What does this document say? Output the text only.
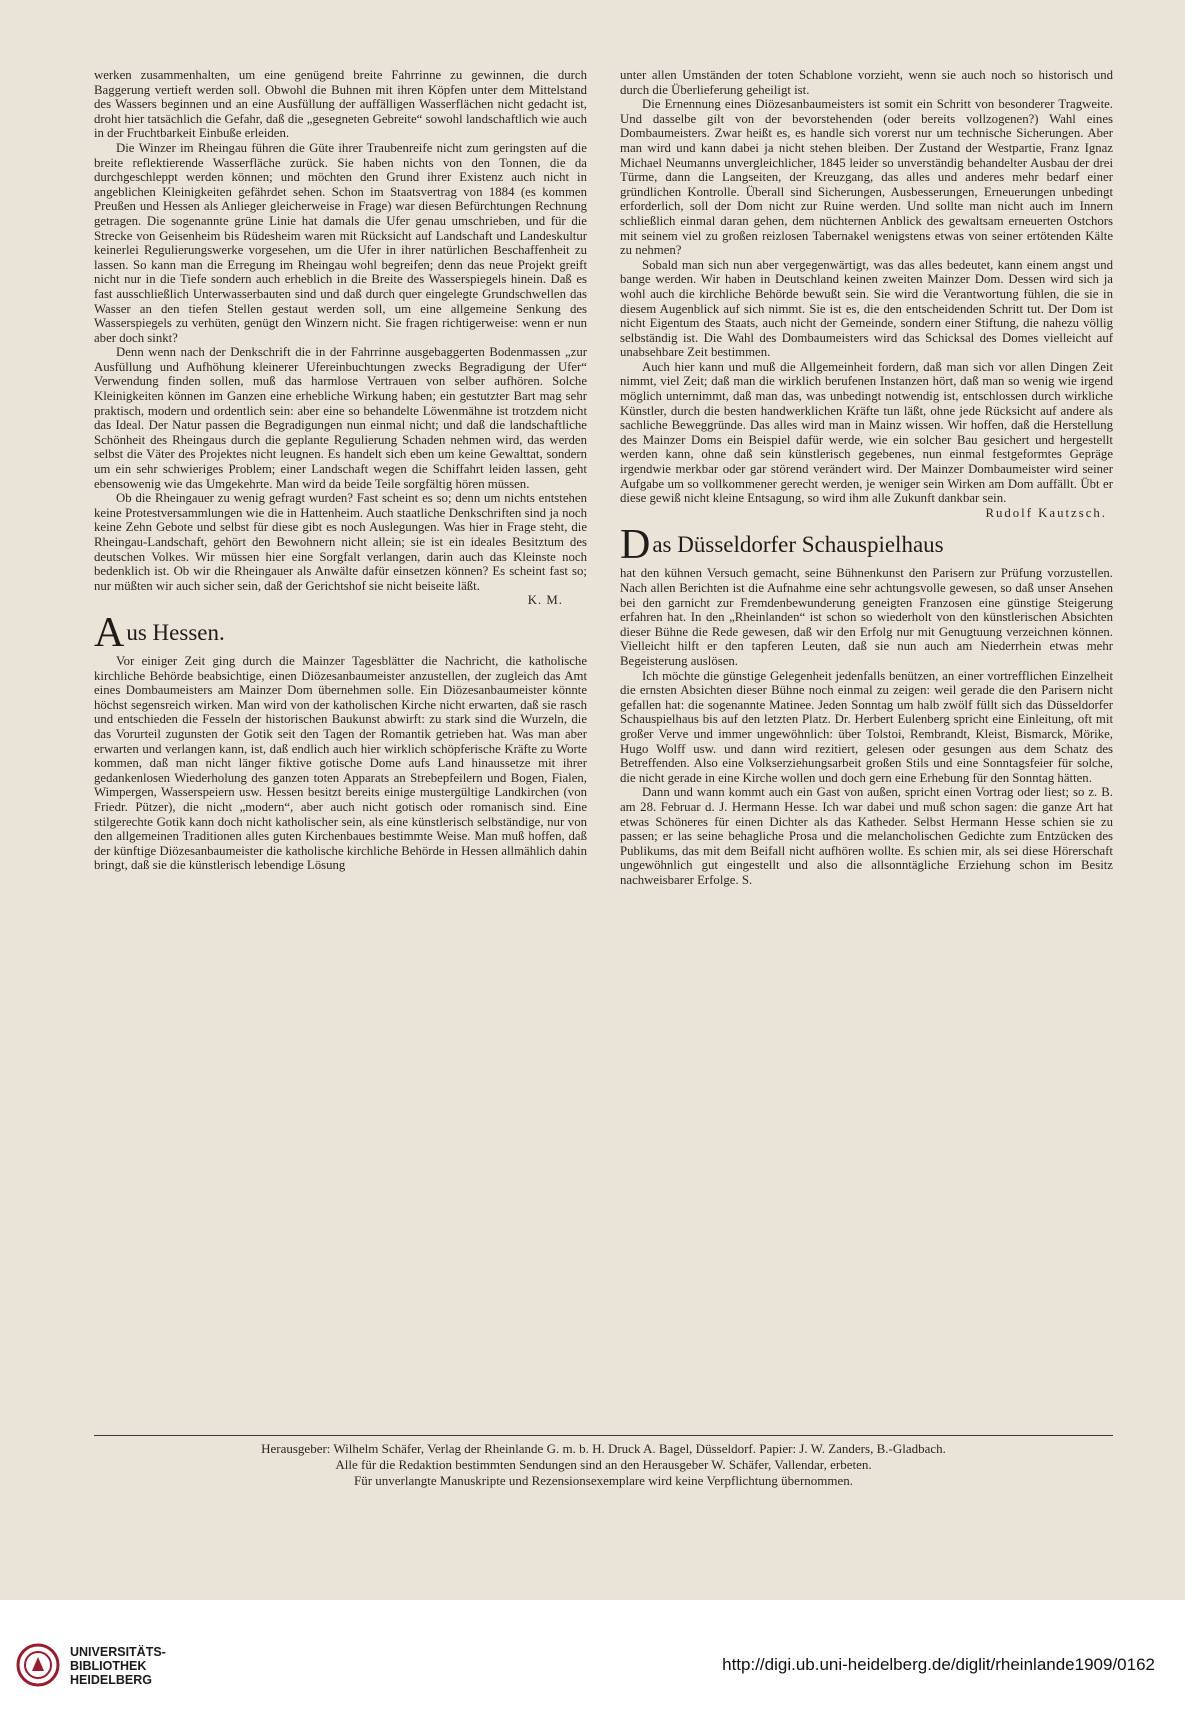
werken zusammenhalten, um eine genügend breite Fahrrinne zu gewinnen, die durch Baggerung vertieft werden soll. Obwohl die Buhnen mit ihren Köpfen unter dem Mittelstand des Wassers beginnen und an eine Ausfüllung der auffälligen Wasserflächen nicht gedacht ist, droht hier tatsächlich die Gefahr, daß die „gesegneten Gebreite“ sowohl landschaftlich wie auch in der Fruchtbarkeit Einbuße erleiden.

Die Winzer im Rheingau führen die Güte ihrer Traubenreife nicht zum geringsten auf die breite reflektierende Wasserfläche zurück. Sie haben nichts von den Tonnen, die da durchgeschleppt werden können; und möchten den Grund ihrer Existenz auch nicht in angeblichen Kleinigkeiten gefährdet sehen. Schon im Staatsvertrag von 1884 (es kommen Preußen und Hessen als Anlieger gleicherweise in Frage) war diesen Befürchtungen Rechnung getragen. Die sogenannte grüne Linie hat damals die Ufer genau umschrieben, und für die Strecke von Geisenheim bis Rüdesheim waren mit Rücksicht auf Landschaft und Landeskultur keinerlei Regulierungswerke vorgesehen, um die Ufer in ihrer natürlichen Beschaffenheit zu lassen. So kann man die Erregung im Rheingau wohl begreifen; denn das neue Projekt greift nicht nur in die Tiefe sondern auch erheblich in die Breite des Wasserspiegels hinein. Daß es fast ausschließlich Unterwasserbauten sind und daß durch quer eingelegte Grundschwellen das Wasser an den tiefen Stellen gestaut werden soll, um eine allgemeine Senkung des Wasserspiegels zu verhüten, genügt den Winzern nicht. Sie fragen richtigerweise: wenn er nun aber doch sinkt?

Denn wenn nach der Denkschrift die in der Fahrrinne ausgebaggerten Bodenmassen „zur Ausfüllung und Aufhöhung kleinerer Ufereinbuchtungen zwecks Begradigung der Ufer“ Verwendung finden sollen, muß das harmlose Vertrauen von selber aufhören. Solche Kleinigkeiten können im Ganzen eine erhebliche Wirkung haben; ein gestutzter Bart mag sehr praktisch, modern und ordentlich sein: aber eine so behandelte Löwenmähne ist trotzdem nicht das Ideal. Der Natur passen die Begradigungen nun einmal nicht; und daß die landschaftliche Schönheit des Rheingaus durch die geplante Regulierung Schaden nehmen wird, das werden selbst die Väter des Projektes nicht leugnen. Es handelt sich eben um keine Gewalttat, sondern um ein sehr schwieriges Problem; einer Landschaft wegen die Schiffahrt leiden lassen, geht ebensowenig wie das Umgekehrte. Man wird da beide Teile sorgfältig hören müssen.

Ob die Rheingauer zu wenig gefragt wurden? Fast scheint es so; denn um nichts entstehen keine Protestversammlungen wie die in Hattenheim. Auch staatliche Denkschriften sind ja noch keine Zehn Gebote und selbst für diese gibt es noch Auslegungen. Was hier in Frage steht, die Rheingau-Landschaft, gehört den Bewohnern nicht allein; sie ist ein ideales Besitztum des deutschen Volkes. Wir müssen hier eine Sorgfalt verlangen, darin auch das Kleinste noch bedenklich ist. Ob wir die Rheingauer als Anwälte dafür einsetzen können? Es scheint fast so; nur müßten wir auch sicher sein, daß der Gerichtshof sie nicht beiseite läßt.

K. M.

Aus Hessen.

Vor einiger Zeit ging durch die Mainzer Tagesblätter die Nachricht, die katholische kirchliche Behörde beabsichtige, einen Diözesanbaumeister anzustellen, der zugleich das Amt eines Dombaumeisters am Mainzer Dom übernehmen solle. Ein Diözesanbaumeister könnte höchst segensreich wirken. Man wird von der katholischen Kirche nicht erwarten, daß sie rasch und entschieden die Fesseln der historischen Baukunst abwirft: zu stark sind die Wurzeln, die das Vorurteil zugunsten der Gotik seit den Tagen der Romantik getrieben hat. Was man aber erwarten und verlangen kann, ist, daß endlich auch hier wirklich schöpferische Kräfte zu Worte kommen, daß man nicht länger fiktive gotische Dome aufs Land hinaussetze mit ihrer gedankenlosen Wiederholung des ganzen toten Apparats an Strebepfeilern und Bogen, Fialen, Wimpergen, Wasserspeiern usw. Hessen besitzt bereits einige mustergültige Landkirchen (von Friedr. Pützer), die nicht „modern“, aber auch nicht gotisch oder romanisch sind. Eine stilgerechte Gotik kann doch nicht katholischer sein, als eine künstlerisch selbständige, nur von den allgemeinen Traditionen alles guten Kirchenbaues bestimmte Weise. Man muß hoffen, daß der künftige Diözesanbaumeister die katholische kirchliche Behörde in Hessen allmählich dahin bringt, daß sie die künstlerisch lebendige Lösung

unter allen Umständen der toten Schablone vorzieht, wenn sie auch noch so historisch und durch die Überlieferung geheiligt ist.

Die Ernennung eines Diözesanbaumeisters ist somit ein Schritt von besonderer Tragweite. Und dasselbe gilt von der bevorstehenden (oder bereits vollzogenen?) Wahl eines Dombaumeisters. Zwar heißt es, es handle sich vorerst nur um technische Sicherungen. Aber man wird und kann dabei ja nicht stehen bleiben. Der Zustand der Westpartie, Franz Ignaz Michael Neumanns unvergleichlicher, 1845 leider so unverständig behandelter Ausbau der drei Türme, dann die Langseiten, der Kreuzgang, das alles und anderes mehr bedarf einer gründlichen Kontrolle. Überall sind Sicherungen, Ausbesserungen, Erneuerungen unbedingt erforderlich, soll der Dom nicht zur Ruine werden. Und sollte man nicht auch im Innern schließlich einmal daran gehen, dem nüchternen Anblick des gewaltsam erneuerten Ostchors mit seinem viel zu großen reizlosen Tabernakel wenigstens etwas von seiner ertötenden Kälte zu nehmen?

Sobald man sich nun aber vergegenwärtigt, was das alles bedeutet, kann einem angst und bange werden. Wir haben in Deutschland keinen zweiten Mainzer Dom. Dessen wird sich ja wohl auch die kirchliche Behörde bewußt sein. Sie wird die Verantwortung fühlen, die sie in diesem Augenblick auf sich nimmt. Sie ist es, die den entscheidenden Schritt tut. Der Dom ist nicht Eigentum des Staats, auch nicht der Gemeinde, sondern einer Stiftung, die nahezu völlig selbständig ist. Die Wahl des Dombaumeisters wird das Schicksal des Domes vielleicht auf unabsehbare Zeit bestimmen.

Auch hier kann und muß die Allgemeinheit fordern, daß man sich vor allen Dingen Zeit nimmt, viel Zeit; daß man die wirklich berufenen Instanzen hört, daß man so wenig wie irgend möglich unternimmt, daß man das, was unbedingt notwendig ist, entschlossen durch wirkliche Künstler, durch die besten handwerklichen Kräfte tun läßt, ohne jede Rücksicht auf andere als sachliche Beweggründe. Das alles wird man in Mainz wissen. Wir hoffen, daß die Herstellung des Mainzer Doms ein Beispiel dafür werde, wie ein solcher Bau gesichert und hergestellt werden kann, ohne daß sein künstlerisch gegebenes, nun einmal festgeformtes Gepräge irgendwie merkbar oder gar störend verändert wird. Der Mainzer Dombaumeister wird seiner Aufgabe um so vollkommener gerecht werden, je weniger sein Wirken am Dom auffällt. Übt er diese gewiß nicht kleine Entsagung, so wird ihm alle Zukunft dankbar sein.

Rudolf Kautzsch.

Das Düsseldorfer Schauspielhaus

hat den kühnen Versuch gemacht, seine Bühnenkunst den Parisern zur Prüfung vorzustellen. Nach allen Berichten ist die Aufnahme eine sehr achtungsvolle gewesen, so daß unser Ansehen bei den garnicht zur Fremdenbewunderung geneigten Franzosen eine günstige Steigerung erfahren hat. In den „Rheinlanden“ ist schon so wiederholt von den künstlerischen Absichten dieser Bühne die Rede gewesen, daß wir den Erfolg nur mit Genugtuung verzeichnen können. Vielleicht hilft er den tapferen Leuten, daß sie nun auch am Niederrhein etwas mehr Begeisterung auslösen.

Ich möchte die günstige Gelegenheit jedenfalls benützen, an einer vortrefflichen Einzelheit die ernsten Absichten dieser Bühne noch einmal zu zeigen: weil gerade die den Parisern nicht gefallen hat: die sogenannte Matinee. Jeden Sonntag um halb zwölf füllt sich das Düsseldorfer Schauspielhaus bis auf den letzten Platz. Dr. Herbert Eulenberg spricht eine Einleitung, oft mit großer Verve und immer ungewöhnlich: über Tolstoi, Rembrandt, Kleist, Bismarck, Mörike, Hugo Wolff usw. und dann wird rezitiert, gelesen oder gesungen aus dem Schatz des Betreffenden. Also eine Volkserziehungsarbeit großen Stils und eine Sonntagsfeier für solche, die nicht gerade in eine Kirche wollen und doch gern eine Erhebung für den Sonntag hätten.

Dann und wann kommt auch ein Gast von außen, spricht einen Vortrag oder liest; so z. B. am 28. Februar d. J. Hermann Hesse. Ich war dabei und muß schon sagen: die ganze Art hat etwas Schöneres für einen Dichter als das Katheder. Selbst Hermann Hesse schien sie zu passen; er las seine behagliche Prosa und die melancholischen Gedichte zum Entzücken des Publikums, das mit dem Beifall nicht aufhören wollte. Es schien mir, als sei diese Hörerschaft ungewöhnlich gut eingestellt und also die allsonntägliche Erziehung schon im Besitz nachweisbarer Erfolge. S.

Herausgeber: Wilhelm Schäfer, Verlag der Rheinlande G. m. b. H. Druck A. Bagel, Düsseldorf. Papier: J. W. Zanders, B.-Gladbach.
Alle für die Redaktion bestimmten Sendungen sind an den Herausgeber W. Schäfer, Vallendar, erbeten.
Für unverlangte Manuskripte und Rezensionsexemplare wird keine Verpflichtung übernommen.
UNIVERSITÄTS-
BIBLIOTHEK
HEIDELBERG
http://digi.ub.uni-heidelberg.de/diglit/rheinlande1909/0162
